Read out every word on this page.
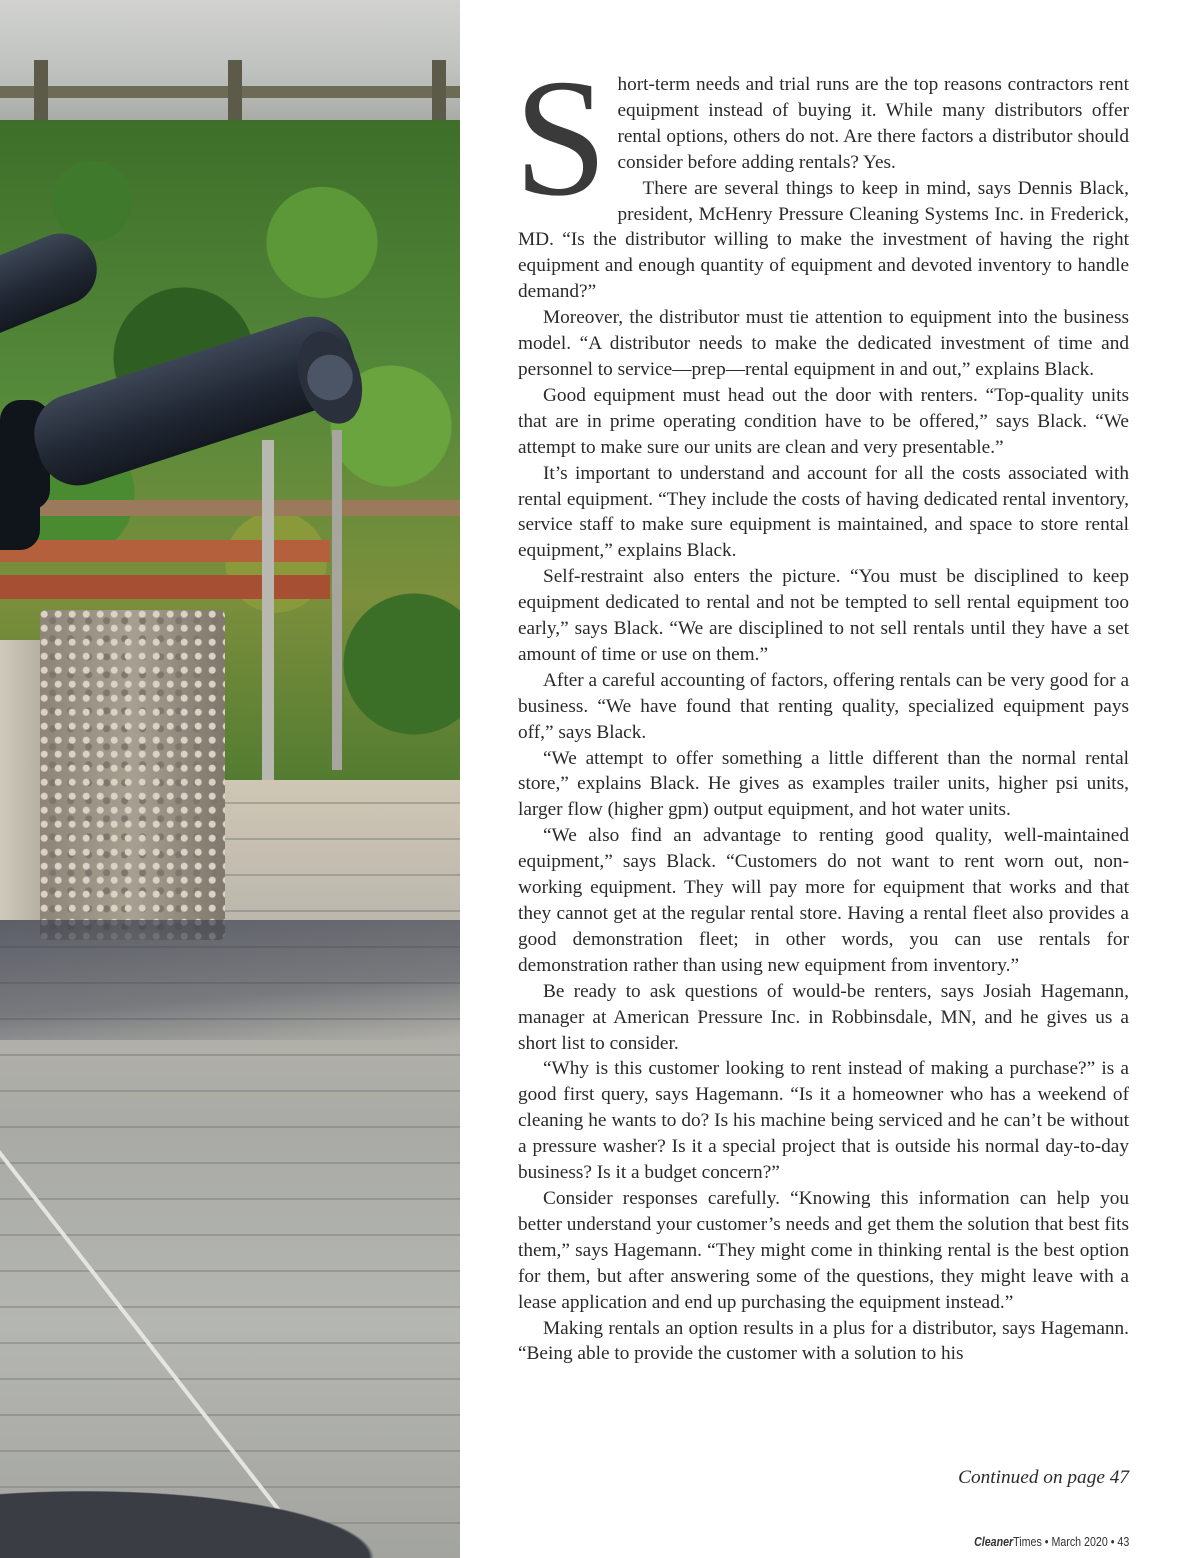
Short-term needs and trial runs are the top reasons contractors rent equipment instead of buying it. While many distributors offer rental options, others do not. Are there factors a distributor should consider before adding rentals? Yes.

There are several things to keep in mind, says Dennis Black, president, McHenry Pressure Cleaning Systems Inc. in Frederick, MD. “Is the distributor willing to make the investment of having the right equipment and enough quantity of equipment and devoted inventory to handle demand?”

Moreover, the distributor must tie attention to equipment into the business model. “A distributor needs to make the dedicated investment of time and personnel to service—prep—rental equipment in and out,” explains Black.

Good equipment must head out the door with renters. “Top-quality units that are in prime operating condition have to be offered,” says Black. “We attempt to make sure our units are clean and very presentable.”

It’s important to understand and account for all the costs associated with rental equipment. “They include the costs of having dedicated rental inventory, service staff to make sure equipment is maintained, and space to store rental equipment,” explains Black.

Self-restraint also enters the picture. “You must be disciplined to keep equipment dedicated to rental and not be tempted to sell rental equipment too early,” says Black. “We are disciplined to not sell rentals until they have a set amount of time or use on them.”

After a careful accounting of factors, offering rentals can be very good for a business. “We have found that renting quality, specialized equipment pays off,” says Black.

“We attempt to offer something a little different than the normal rental store,” explains Black. He gives as examples trailer units, higher psi units, larger flow (higher gpm) output equipment, and hot water units.

“We also find an advantage to renting good quality, well-maintained equipment,” says Black. “Customers do not want to rent worn out, non-working equipment. They will pay more for equipment that works and that they cannot get at the regular rental store. Having a rental fleet also provides a good demonstration fleet; in other words, you can use rentals for demonstration rather than using new equipment from inventory.”

Be ready to ask questions of would-be renters, says Josiah Hagemann, manager at American Pressure Inc. in Robbinsdale, MN, and he gives us a short list to consider.

“Why is this customer looking to rent instead of making a purchase?” is a good first query, says Hagemann. “Is it a homeowner who has a weekend of cleaning he wants to do? Is his machine being serviced and he can’t be without a pressure washer? Is it a special project that is outside his normal day-to-day business? Is it a budget concern?”

Consider responses carefully. “Knowing this information can help you better understand your customer’s needs and get them the solution that best fits them,” says Hagemann. “They might come in thinking rental is the best option for them, but after answering some of the questions, they might leave with a lease application and end up purchasing the equipment instead.”

Making rentals an option results in a plus for a distributor, says Hagemann. “Being able to provide the customer with a solution to his

Continued on page 47
CleanerTimes • March 2020 • 43
